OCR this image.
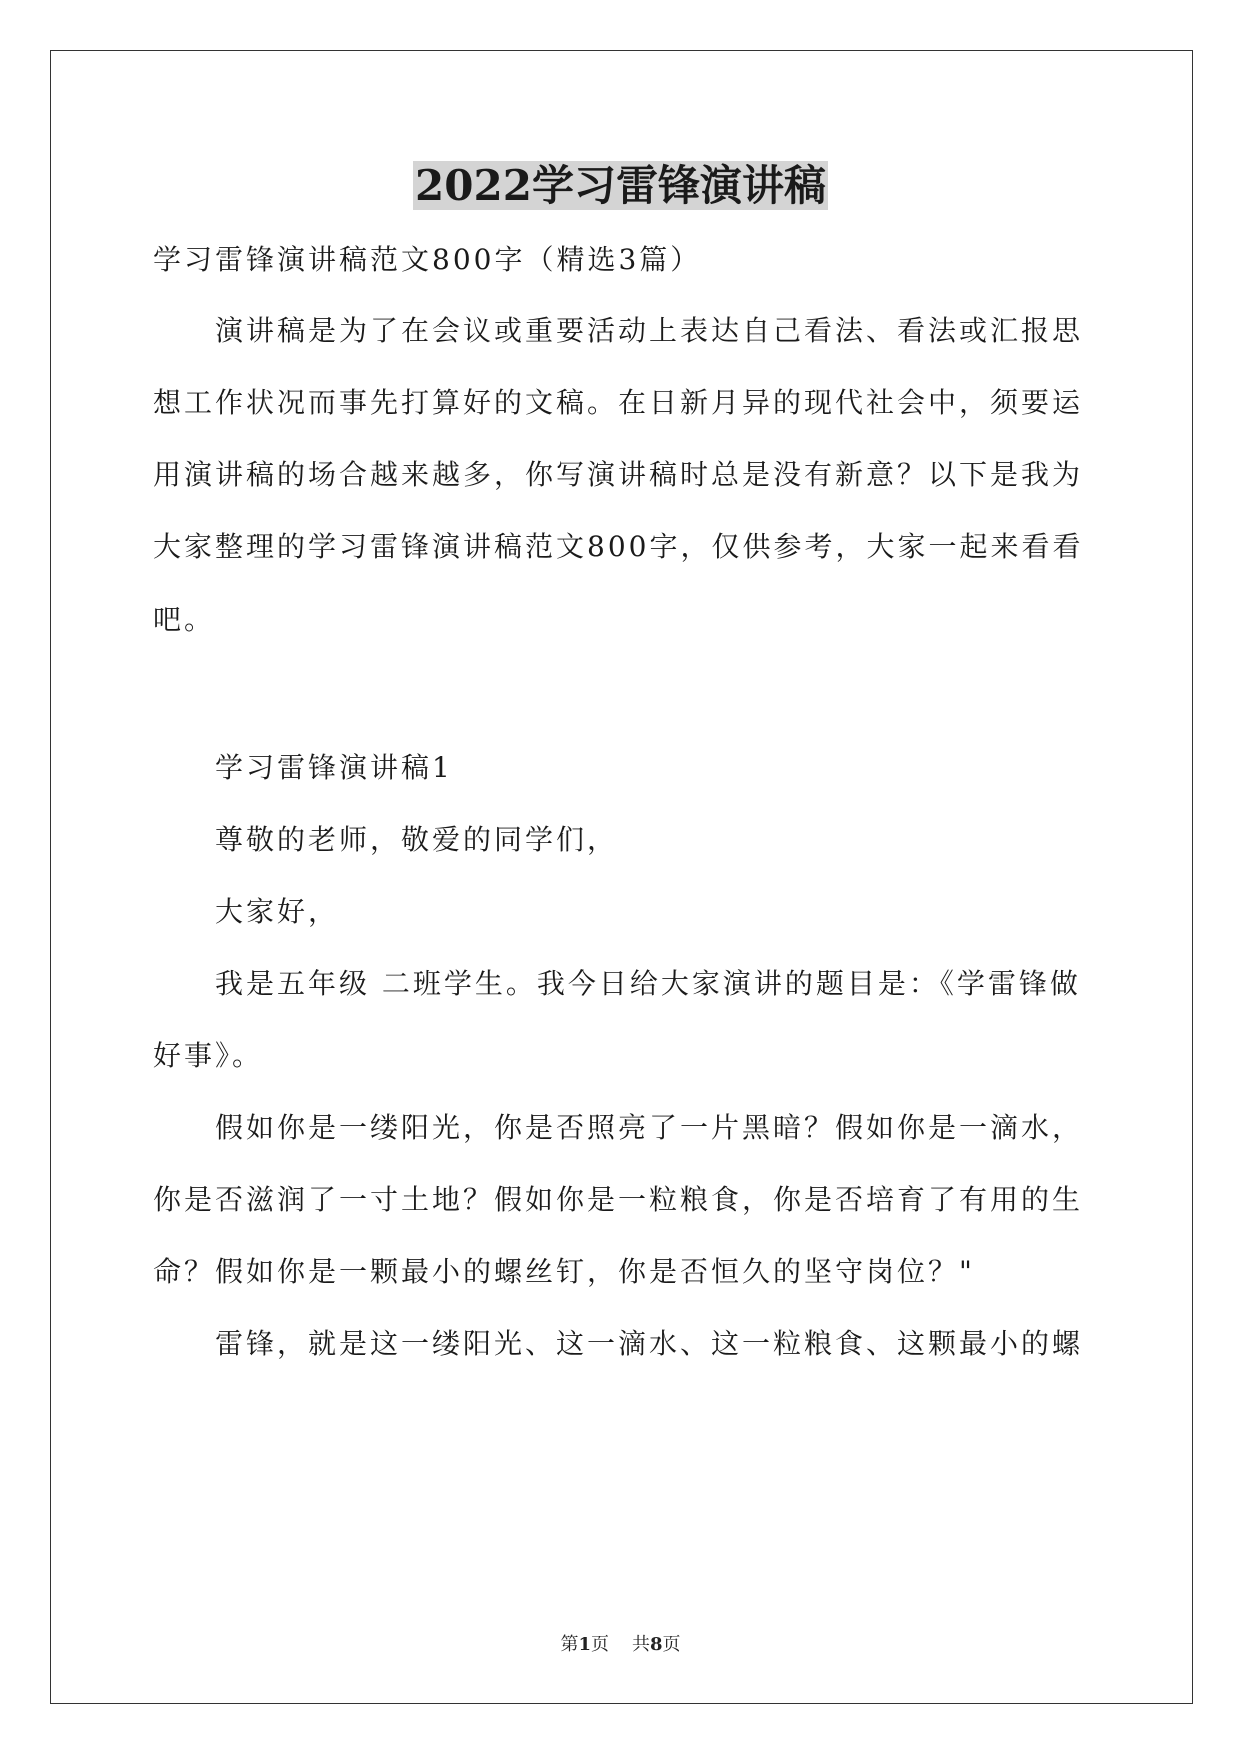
2022学习雷锋演讲稿
学习雷锋演讲稿范文800字（精选3篇）
演讲稿是为了在会议或重要活动上表达自己看法、看法或汇报思
想工作状况而事先打算好的文稿。在日新月异的现代社会中，须要运
用演讲稿的场合越来越多，你写演讲稿时总是没有新意？以下是我为
大家整理的学习雷锋演讲稿范文800字，仅供参考，大家一起来看看
吧。
学习雷锋演讲稿1
尊敬的老师，敬爱的同学们，
大家好，
我是五年级 二班学生。我今日给大家演讲的题目是：《学雷锋做
好事》。
假如你是一缕阳光，你是否照亮了一片黑暗？假如你是一滴水，
你是否滋润了一寸土地？假如你是一粒粮食，你是否培育了有用的生
命？假如你是一颗最小的螺丝钉，你是否恒久的坚守岗位？"
雷锋，就是这一缕阳光、这一滴水、这一粒粮食、这颗最小的螺
第1页 共8页
